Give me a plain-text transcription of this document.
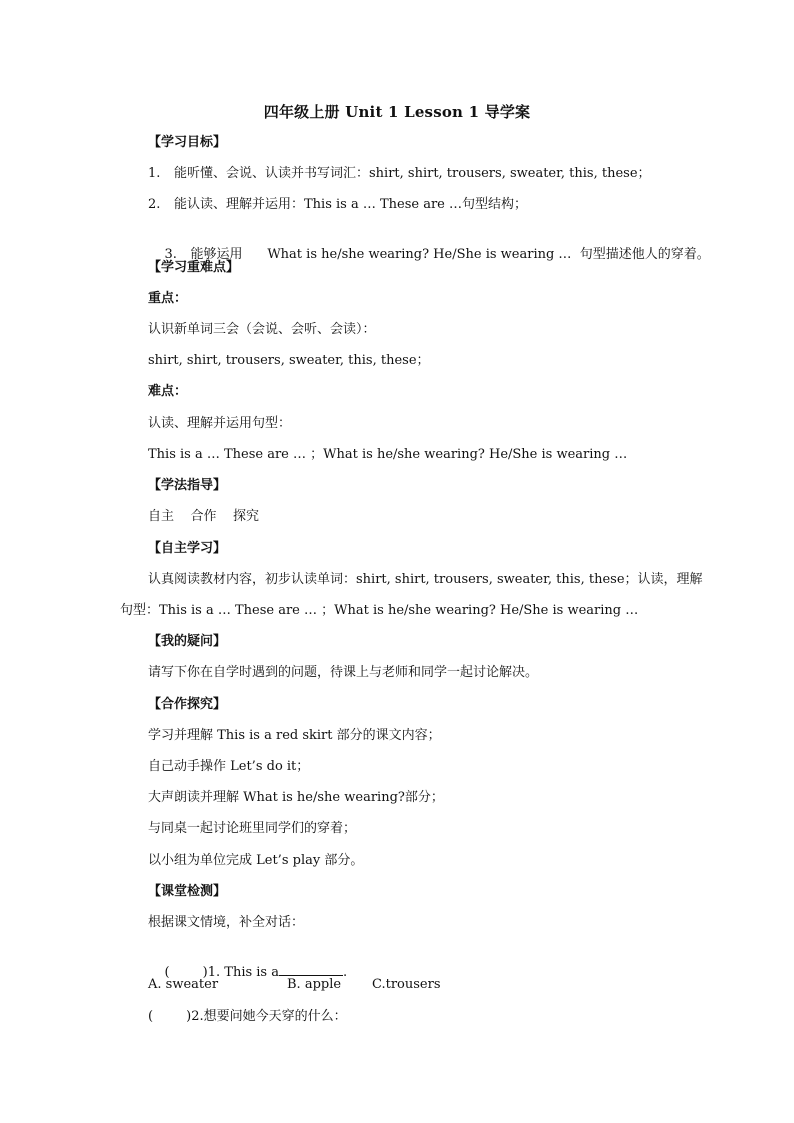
四年级上册 Unit 1 Lesson 1 导学案
【学习目标】
1. 能听懂、会说、认读并书写词汇：shirt, shirt, trousers, sweater, this, these；
2. 能认读、理解并运用：This is a … These are …句型结构；

3. 能够运用      What is he/she wearing? He/She is wearing …  句型描述他人的穿着。

【学习重难点】
重点：
认识新单词三会（会说、会听、会读）：
shirt, shirt, trousers, sweater, this, these；
难点：
认读、理解并运用句型：
This is a … These are … ；What is he/she wearing? He/She is wearing …
【学法指导】
自主    合作    探究
【自主学习】
认真阅读教材内容，初步认读单词：shirt, shirt, trousers, sweater, this, these；认读，理解
句型：This is a … These are … ；What is he/she wearing? He/She is wearing …
【我的疑问】
请写下你在自学时遇到的问题，待课上与老师和同学一起讨论解决。
【合作探究】
学习并理解 This is a red skirt 部分的课文内容；
自己动手操作 Let’s do it；
大声朗读并理解 What is he/she wearing?部分；
与同桌一起讨论班里同学们的穿着；
以小组为单位完成 Let’s play 部分。
【课堂检测】
根据课文情境，补全对话：

(        )1. This is a	.

A. sweater	B. apple C.trousers
(        )2.想要问她今天穿的什么：
